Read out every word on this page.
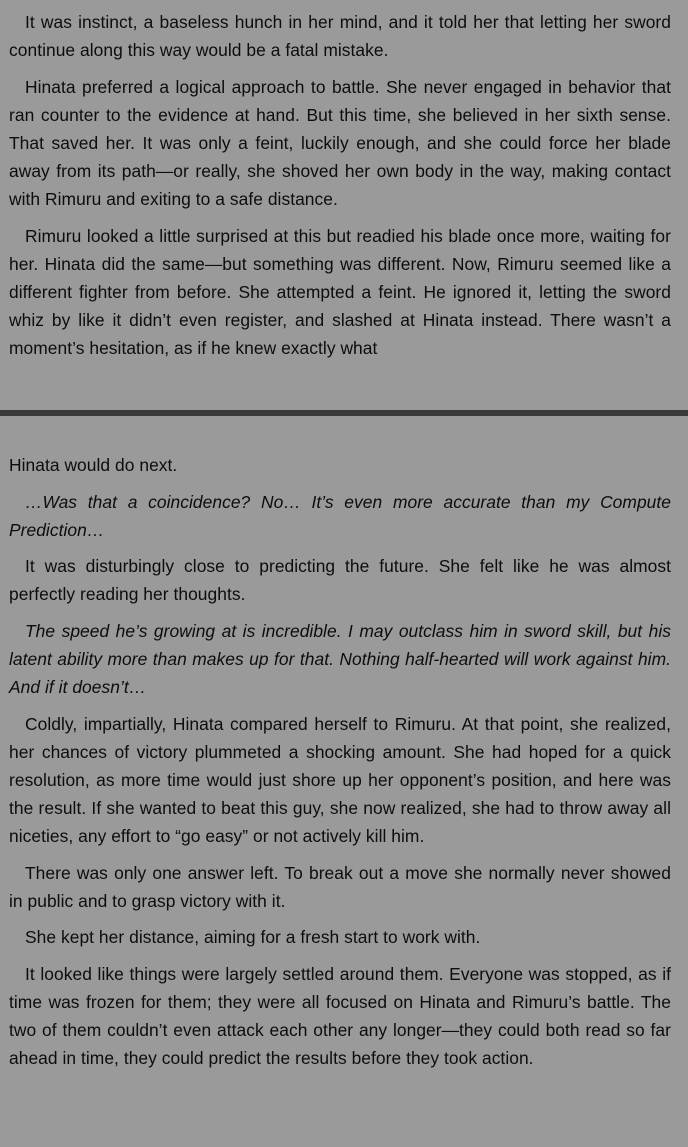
It was instinct, a baseless hunch in her mind, and it told her that letting her sword continue along this way would be a fatal mistake.

Hinata preferred a logical approach to battle. She never engaged in behavior that ran counter to the evidence at hand. But this time, she believed in her sixth sense. That saved her. It was only a feint, luckily enough, and she could force her blade away from its path—or really, she shoved her own body in the way, making contact with Rimuru and exiting to a safe distance.

Rimuru looked a little surprised at this but readied his blade once more, waiting for her. Hinata did the same—but something was different. Now, Rimuru seemed like a different fighter from before. She attempted a feint. He ignored it, letting the sword whiz by like it didn’t even register, and slashed at Hinata instead. There wasn’t a moment’s hesitation, as if he knew exactly what

Hinata would do next.

…Was that a coincidence? No… It’s even more accurate than my Compute Prediction…

It was disturbingly close to predicting the future. She felt like he was almost perfectly reading her thoughts.

The speed he’s growing at is incredible. I may outclass him in sword skill, but his latent ability more than makes up for that. Nothing half-hearted will work against him. And if it doesn’t…

Coldly, impartially, Hinata compared herself to Rimuru. At that point, she realized, her chances of victory plummeted a shocking amount. She had hoped for a quick resolution, as more time would just shore up her opponent’s position, and here was the result. If she wanted to beat this guy, she now realized, she had to throw away all niceties, any effort to “go easy” or not actively kill him.

There was only one answer left. To break out a move she normally never showed in public and to grasp victory with it.

She kept her distance, aiming for a fresh start to work with.

It looked like things were largely settled around them. Everyone was stopped, as if time was frozen for them; they were all focused on Hinata and Rimuru’s battle. The two of them couldn’t even attack each other any longer—they could both read so far ahead in time, they could predict the results before they took action.
